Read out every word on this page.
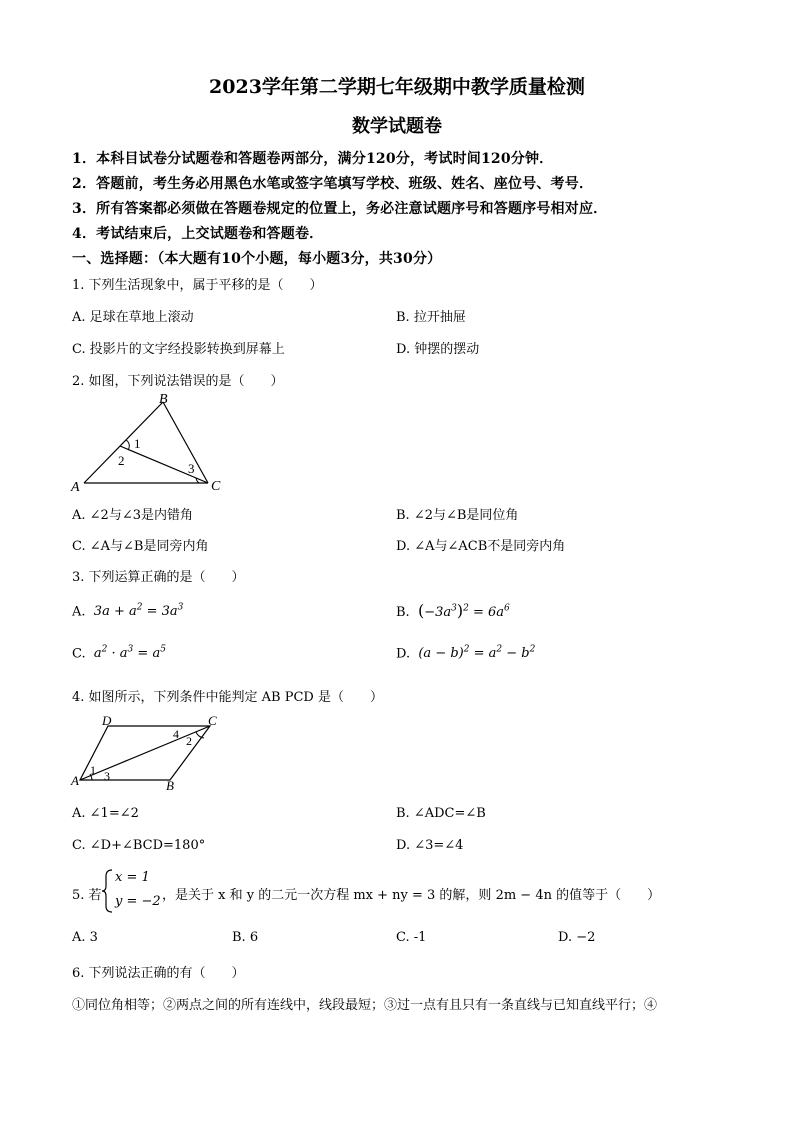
2023学年第二学期七年级期中教学质量检测
数学试题卷
1．本科目试卷分试题卷和答题卷两部分，满分120分，考试时间120分钟．
2．答题前，考生务必用黑色水笔或签字笔填写学校、班级、姓名、座位号、考号．
3．所有答案都必须做在答题卷规定的位置上，务必注意试题序号和答题序号相对应．
4．考试结束后，上交试题卷和答题卷．
一、选择题：（本大题有10个小题，每小题3分，共30分）
1. 下列生活现象中，属于平移的是（　　）
A. 足球在草地上滚动	B. 拉开抽屉
C. 投影片的文字经投影转换到屏幕上	D. 钟摆的摆动
2. 如图，下列说法错误的是（　　）
B
A	C
1
2
3
A. ∠2与∠3是内错角	B. ∠2与∠B是同位角
C. ∠A与∠B是同旁内角	D. ∠A与∠ACB不是同旁内角
3. 下列运算正确的是（　　）
A. $3a + a^2 = 3a^3$	B. $(-3a^3)^2 = 6a^6$
C. $a^2 \cdot a^3 = a^5$	D. $(a - b)^2 = a^2 - b^2$
4. 如图所示，下列条件中能判定 AB PCD 是（　　）
D	C
A	B
1
2
3
4
A. ∠1=∠2	B. ∠ADC=∠B
C. ∠D+∠BCD=180°	D. ∠3=∠4
5. 若
x = 1
y = −2 ，是关于 x 和 y 的二元一次方程 mx + ny = 3 的解，则 2m − 4n 的值等于（　　）
A. 3	B. 6	C. -1	D. −2
6. 下列说法正确的有（　　）
①同位角相等；②两点之间的所有连线中，线段最短；③过一点有且只有一条直线与已知直线平行；④
